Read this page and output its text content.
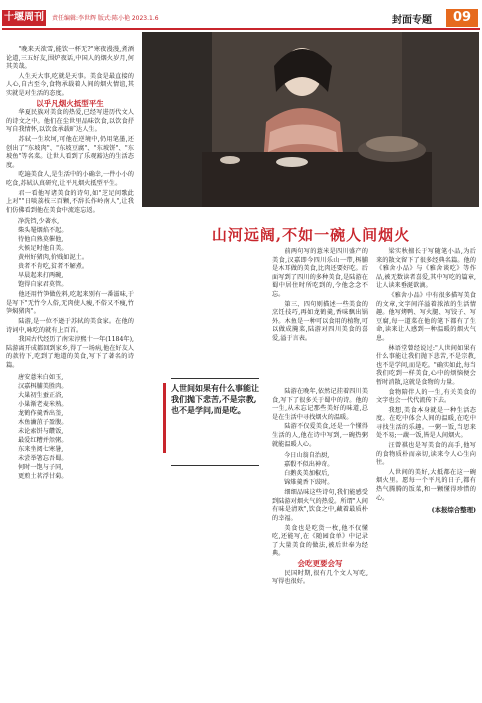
十堰周刊	责任编辑:李世辉 版式:陈小艳 2023.1.6	封面专题	09

"晚来天欲雪,能饮一杯无?"寒夜漫漫,煮酒论道,三五好友,围炉夜话,中国人的烟火岁月,何其美哉。

人生天大事,吃就是天事。美食是最直接的人心,自古至今,食物承载着人间的烟火情谊,其实就是对生活的态度。

以乎凡烟火抵型平生

华夏民族对美食的热爱,已经写进历代文人的诗文之中。他们在尘世里品味饮食,以饮食抒写自我情怀,以饮食承载旷达人生。

苏轼一生坎坷,可他在逆境中,仍用笔墨,还创出了"东坡肉"、"东坡豆腐"、"东坡饼"、"东坡鱼"等名菜。让世人看到了乐观豁达的生活态度。

吃遍美食人,是生活中的小确幸,一件小小的吃食,苏轼认真研究,让平凡烟火抵型平生。

君一看他写诸美食的诗句,如"芝足问歌此上对""日啖荔枝三百颗,不辞长作岭南人",让我们仿佛看到他在美食中流连忘返。

净洗铛,少著水,
柴头罨烟焰不起。
待他自熟莫催他,
火候足时他自美。
黄州好猪肉,价贱如泥土。
贵者不肯吃,贫者不解煮。
早晨起来打两碗,
饱得自家君莫管。

他还用竹笋做佐料,吃起来别有一番滋味,于是写下"无竹令人俗,无肉使人瘦,不俗又不瘦,竹笋焖猪肉"。

陆游,是一位不逊于苏轼的美食家。在他的诗词中,咏吃的就有上百首。

我国古代经历了南宋淳熙十一年(1184年),陆游离开成都回到家乡,得了一场病,他在好友人的款待下,吃到了地道的美食,写下了著名的诗篇。

唐安薏米白如玉,
汉嘉栮脯美胜肉。
大巢初生蚕正浴,
小巢渐老麦米熟。
龙鹤作羹香出釜,
木鱼瀹菹子盈腹。
未论索饼与饡饭,
最爱红糟并缹粥。
东来坐阅七寒暑,
未尝举箸忘吾蜀。
何时一饱与子同,
更煎土茗浮甘菊。
山河远阔,不如一碗人间烟火
人世间如果有什么事能让我们抛下悲苦,不是宗教,也不是学问,而是吃。

前两句写的薏米是四川盛产的美食,汉嘉即今四川乐山一带,栮脯是木耳做的美食,比肉还要好吃。后面写到了四川的多种美食,是陆游在蜀中居住时所吃到的,令他念念不忘。

第三、四句则描述一些美食的烹饪技巧,再如龙鹤羹,香味飘出锅外。木鱼是一种可以食用的植物,可以做成腌菜,陆游对四川美食的喜爱,溢于言表。

陆游在晚年,依然记挂着四川美食,写下了很多关于蜀中的诗。他的一生,从未忘记那些美好的味道,总是在生活中寻找烟火的温暖。

陆游不仅爱美食,还是一个懂得生活的人,他在诗中写到,一碗热粥就能温暖人心。

今日山翁自治厨,
嘉殽不似出神奇。
白鹅炙美加椒后,
锦雉羹香下豉时。

细细品味这些诗句,我们能感受到陆游对烟火气的热爱。所谓"人间有味是清欢",饮食之中,藏着最质朴的幸福。

美食也是吃货一枚,他不仅懂吃,还能写,在《随园食单》中记录了大量美食的做法,被后世奉为经典。

会吃更要会写

民国时期,很有几个文人写吃,写得也很好。

梁实秋擅长于写随笔小品,为后来的散文留下了很多经典名篇。他的《雅舍小品》与《雅舍谈吃》等作品,被无数读者喜爱,其中写吃的篇章,让人读来垂涎欲滴。

《雅舍小品》中有很多描写美食的文章,文字间洋溢着浓浓的生活情趣。他写烤鸭、写火腿、写饺子、写豆腐,每一道菜在他的笔下都有了生命,读来让人感到一种温暖的烟火气息。

林语堂曾经说过:"人世间如果有什么事能让我们抛下悲苦,不是宗教,也不是学问,而是吃。"确实如此,每当我们吃到一样美食,心中的烦恼便会暂时消散,这就是食物的力量。

食物陪伴人的一生,有关美食的文字也会一代代流传下去。

我想,美食本身就是一种生活态度。在吃中体会人间的温暖,在吃中寻找生活的乐趣。一粥一饭,当思来处不易;一蔬一饭,皆是人间烟火。

汪曾祺也是写美食的高手,他写的食物质朴而亲切,读来令人心生向往。

人世间的美好,大抵都在这一碗烟火里。愿每一个平凡的日子,都有热气腾腾的饭菜,和一颗懂得珍惜的心。

(本报综合整理)
